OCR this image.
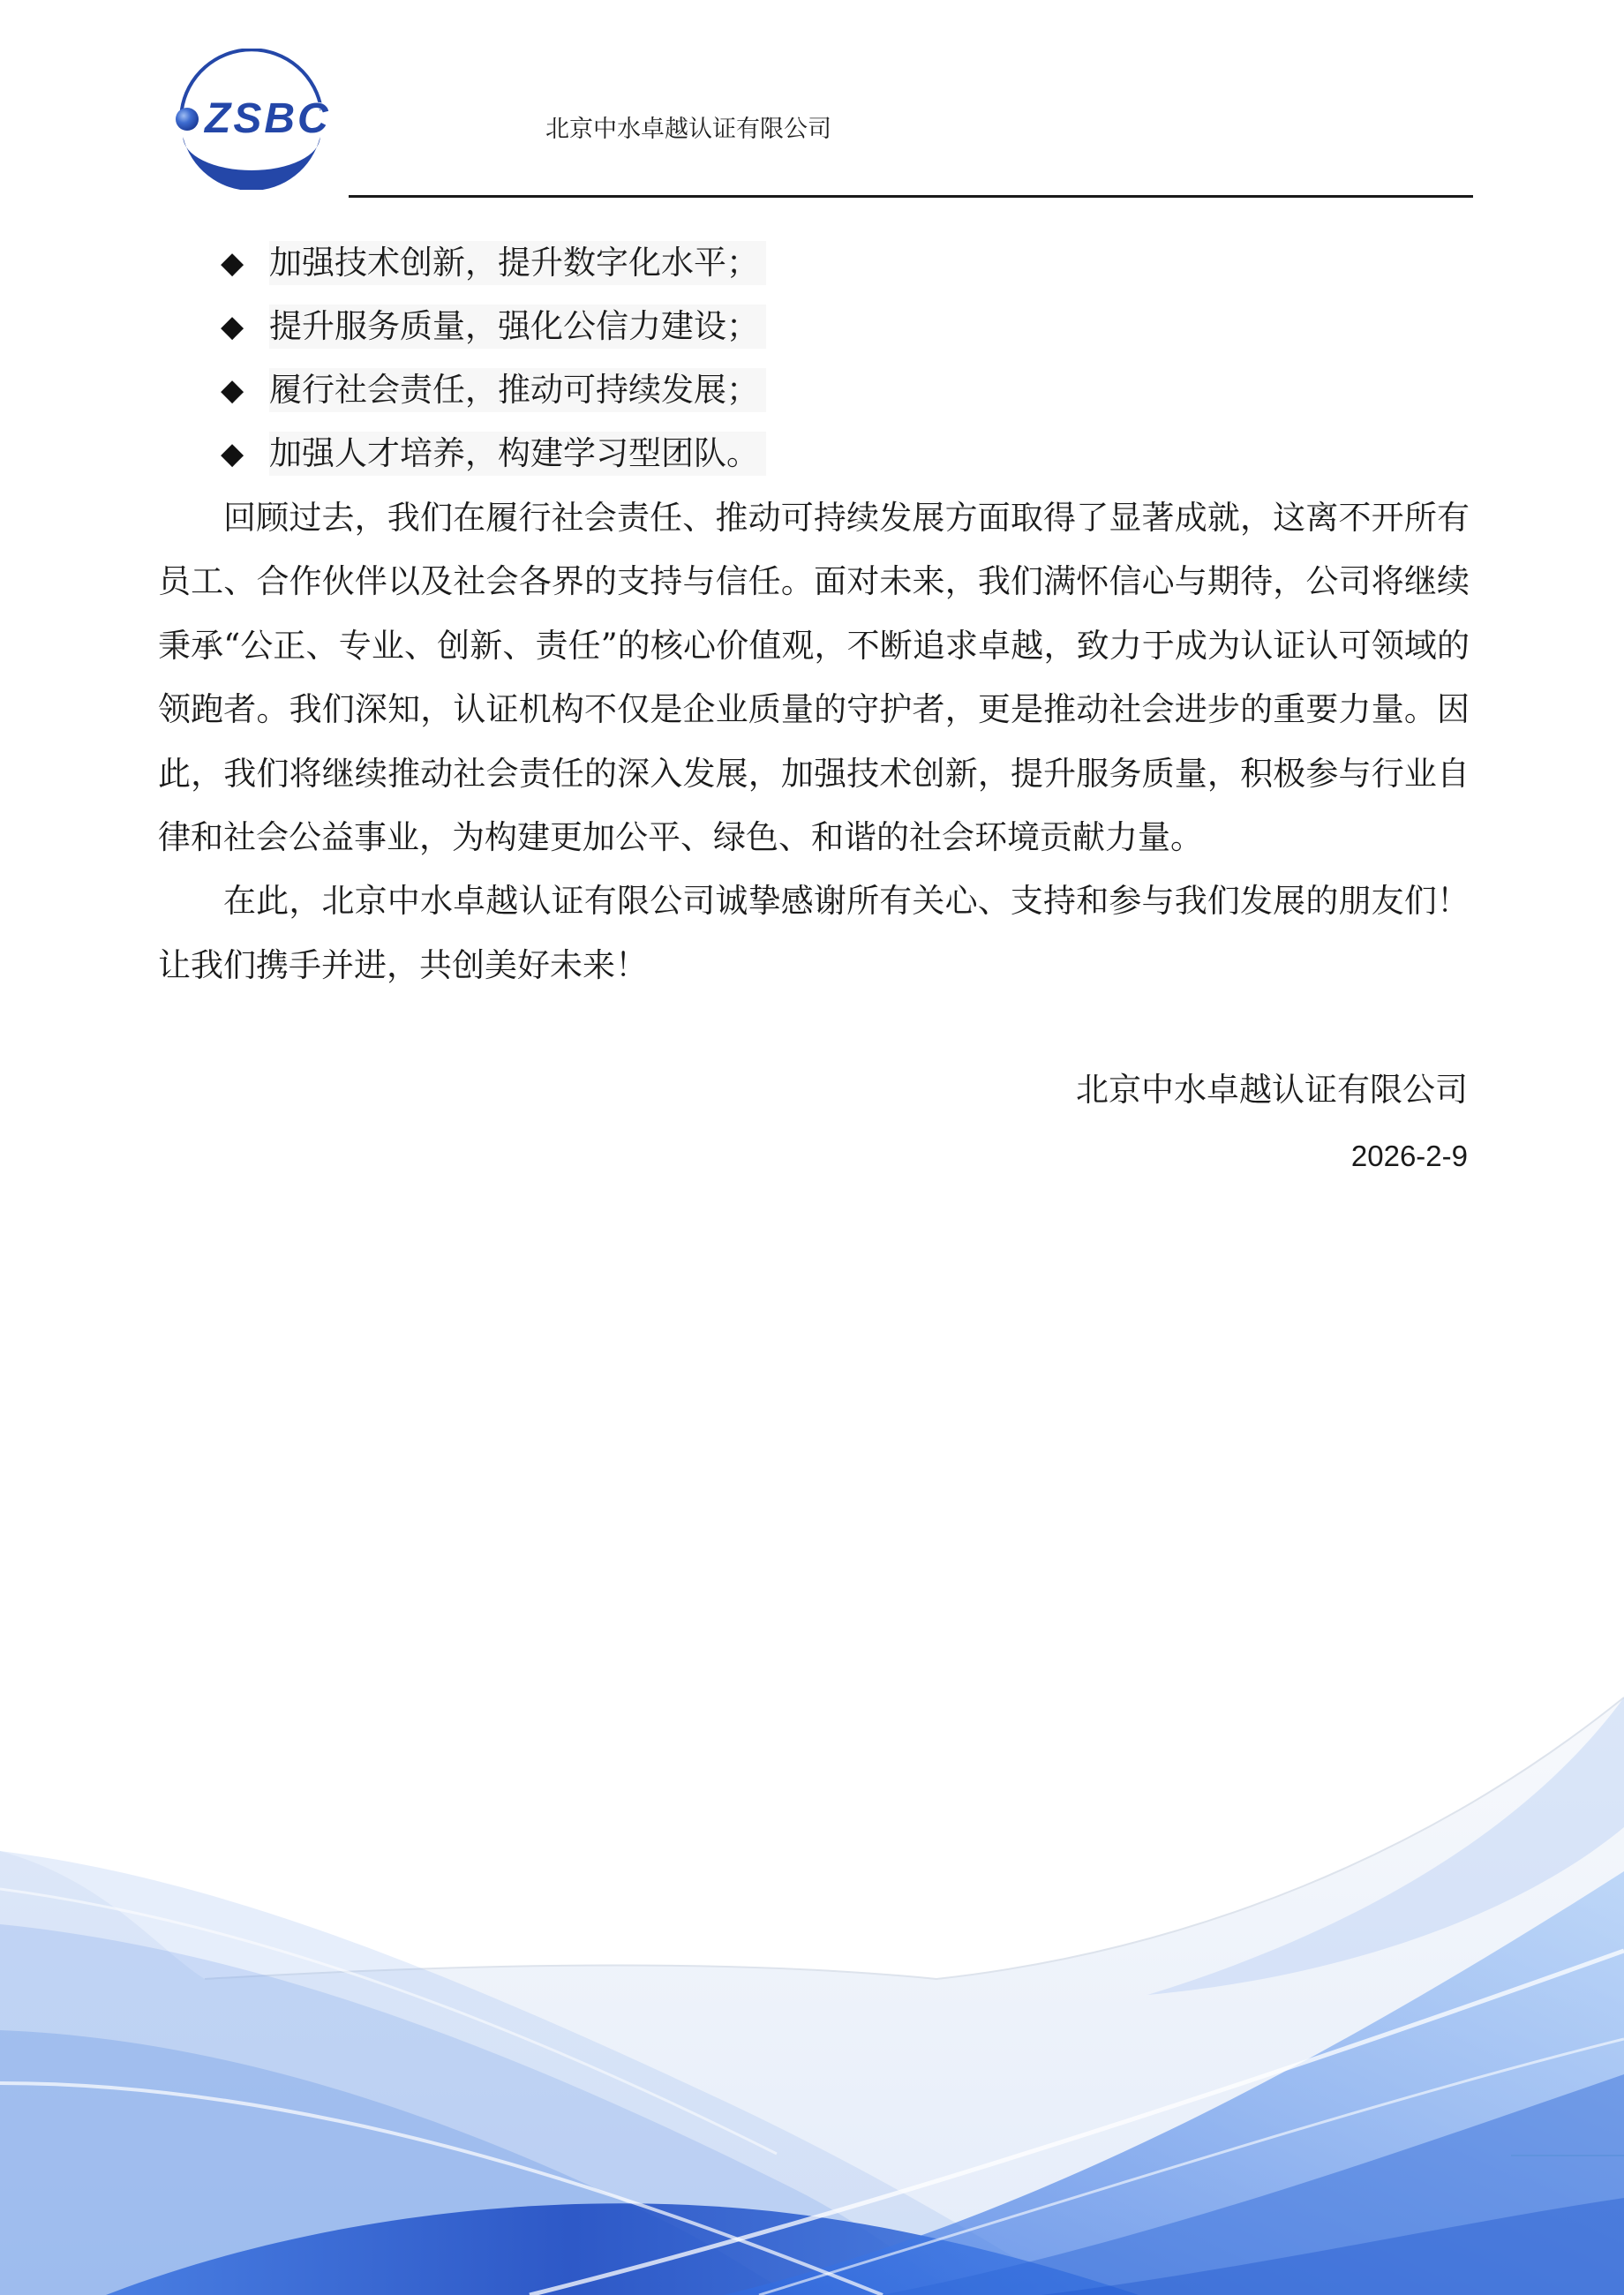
ZSBC	北京中水卓越认证有限公司
◆ 加强技术创新，提升数字化水平；
◆ 提升服务质量，强化公信力建设；
◆ 履行社会责任，推动可持续发展；
◆ 加强人才培养，构建学习型团队。

回顾过去，我们在履行社会责任、推动可持续发展方面取得了显著成就，这离不开所有员工、合作伙伴以及社会各界的支持与信任。面对未来，我们满怀信心与期待，公司将继续秉承“公正、专业、创新、责任”的核心价值观，不断追求卓越，致力于成为认证认可领域的领跑者。我们深知，认证机构不仅是企业质量的守护者，更是推动社会进步的重要力量。因此，我们将继续推动社会责任的深入发展，加强技术创新，提升服务质量，积极参与行业自律和社会公益事业，为构建更加公平、绿色、和谐的社会环境贡献力量。

在此，北京中水卓越认证有限公司诚挚感谢所有关心、支持和参与我们发展的朋友们！让我们携手并进，共创美好未来！

北京中水卓越认证有限公司
2026-2-9
